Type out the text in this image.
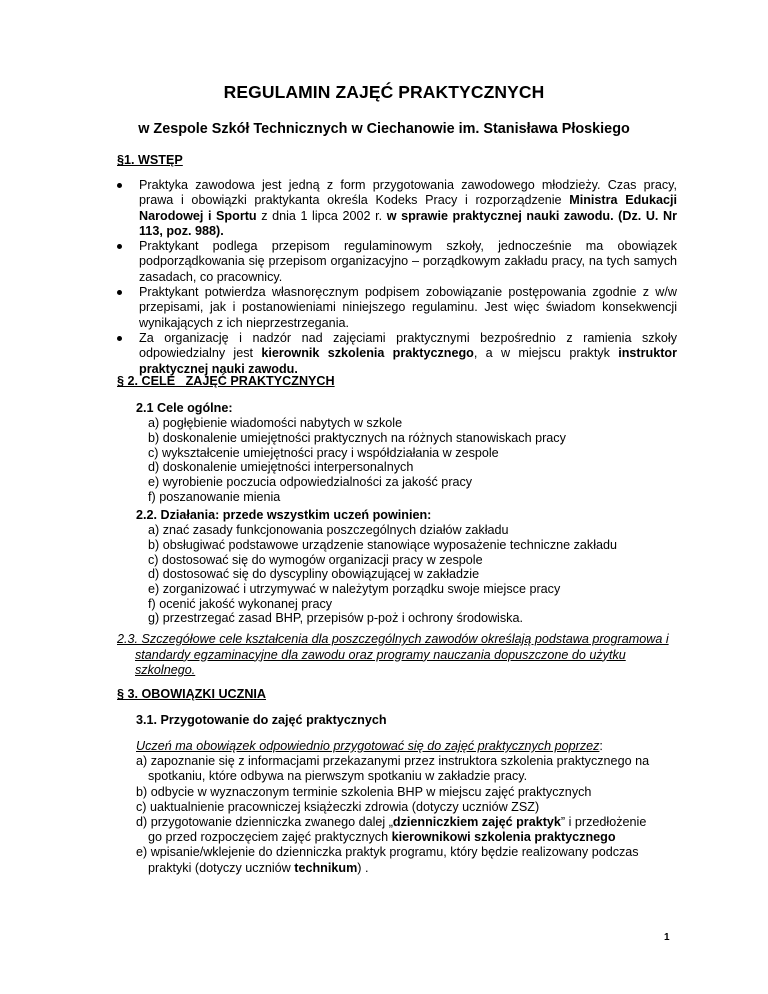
REGULAMIN ZAJĘĆ PRAKTYCZNYCH

w Zespole Szkół Technicznych w Ciechanowie im. Stanisława Płoskiego

§1. WSTĘP

Praktyka zawodowa jest jedną z form przygotowania zawodowego młodzieży. Czas pracy, prawa i obowiązki praktykanta określa Kodeks Pracy i rozporządzenie Ministra Edukacji Narodowej i Sportu z dnia 1 lipca 2002 r. w sprawie praktycznej nauki zawodu. (Dz. U. Nr 113, poz. 988).
Praktykant podlega przepisom regulaminowym szkoły, jednocześnie ma obowiązek podporządkowania się przepisom organizacyjno – porządkowym zakładu pracy, na tych samych zasadach, co pracownicy.
Praktykant potwierdza własnoręcznym podpisem zobowiązanie postępowania zgodnie z w/w przepisami, jak i postanowieniami niniejszego regulaminu. Jest więc świadom konsekwencji wynikających z ich nieprzestrzegania.
Za organizację i nadzór nad zajęciami praktycznymi bezpośrednio z ramienia szkoły odpowiedzialny jest kierownik szkolenia praktycznego, a w miejscu praktyk instruktor praktycznej nauki zawodu.

§ 2. CELE   ZAJĘĆ PRAKTYCZNYCH

2.1 Cele ogólne:
a) pogłębienie wiadomości nabytych w szkole
b) doskonalenie umiejętności praktycznych na różnych stanowiskach pracy
c) wykształcenie umiejętności pracy i współdziałania w zespole
d) doskonalenie umiejętności interpersonalnych
e) wyrobienie poczucia odpowiedzialności za jakość pracy
f) poszanowanie mienia
2.2. Działania: przede wszystkim uczeń powinien:
a) znać zasady funkcjonowania poszczególnych działów zakładu
b) obsługiwać podstawowe urządzenie stanowiące wyposażenie techniczne zakładu
c) dostosować się do wymogów organizacji pracy w zespole
d) dostosować się do dyscypliny obowiązującej w zakładzie
e) zorganizować i utrzymywać w należytym porządku swoje miejsce pracy
f) ocenić jakość wykonanej pracy
g) przestrzegać zasad BHP, przepisów p-poż i ochrony środowiska.
2.3. Szczegółowe cele kształcenia dla poszczególnych zawodów określają podstawa programowa i
standardy egzaminacyjne dla zawodu oraz programy nauczania dopuszczone do użytku
szkolnego.

§ 3. OBOWIĄZKI UCZNIA

3.1. Przygotowanie do zajęć praktycznych

Uczeń ma obowiązek odpowiednio przygotować się do zajęć praktycznych poprzez:
a) zapoznanie się z informacjami przekazanymi przez instruktora szkolenia praktycznego na
spotkaniu, które odbywa na pierwszym spotkaniu w zakładzie pracy.
b) odbycie w wyznaczonym terminie szkolenia BHP w miejscu zajęć praktycznych
c) uaktualnienie pracowniczej książeczki zdrowia (dotyczy uczniów ZSZ)
d) przygotowanie dzienniczka zwanego dalej „dzienniczkiem zajęć praktyk” i przedłożenie
go przed rozpoczęciem zajęć praktycznych kierownikowi szkolenia praktycznego
e) wpisanie/wklejenie do dzienniczka praktyk programu, który będzie realizowany podczas
praktyki (dotyczy uczniów technikum) .
1
